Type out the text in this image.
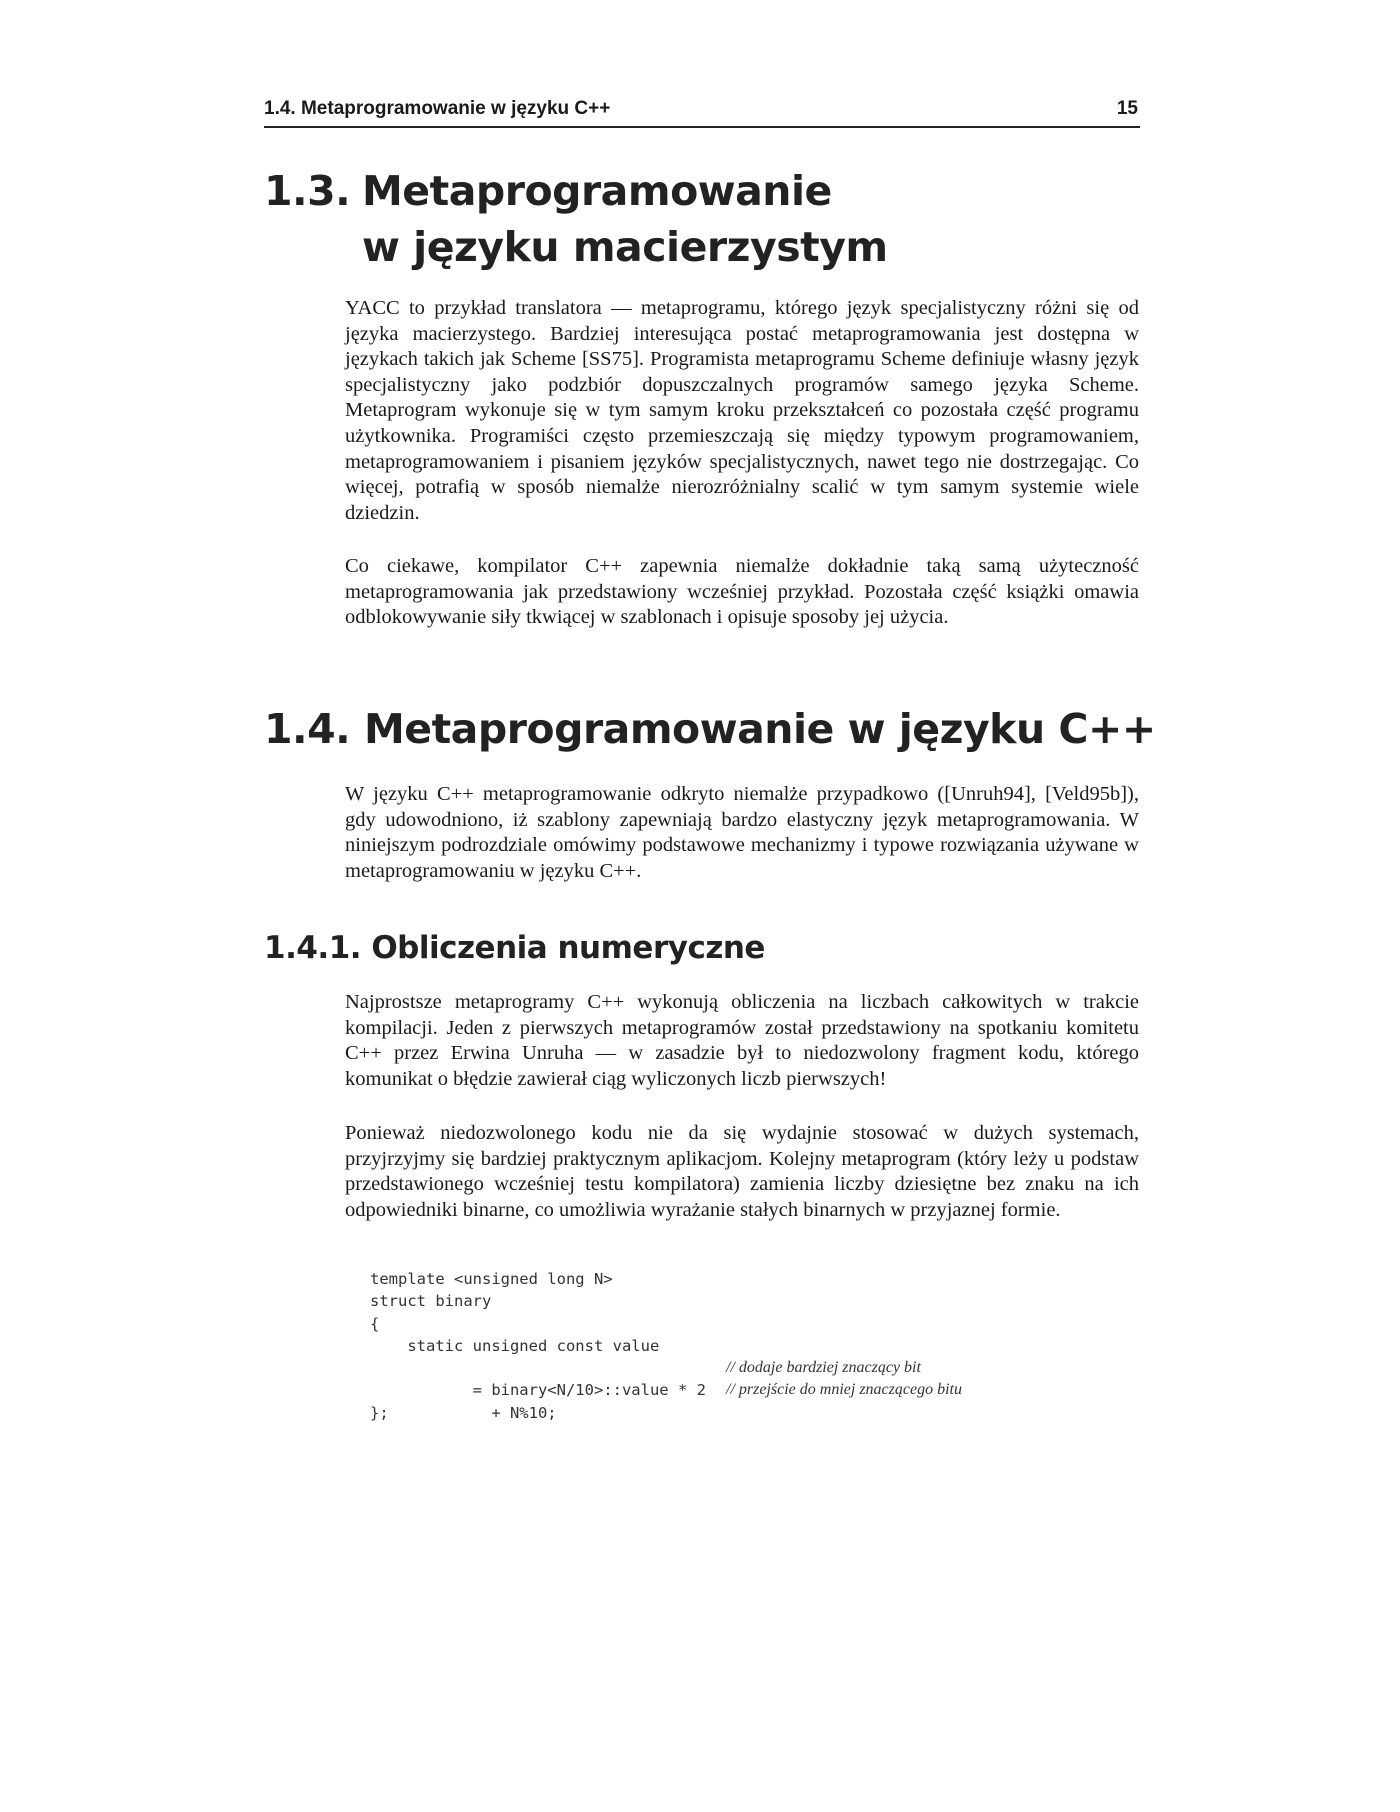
1.4. Metaprogramowanie w języku C++	15
1.3. Metaprogramowanie
w języku macierzystym

YACC to przykład translatora — metaprogramu, którego język specjalistyczny różni się od języka macierzystego. Bardziej interesująca postać metaprogramowania jest dostępna w językach takich jak Scheme [SS75]. Programista metaprogramu Scheme definiuje własny język specjalistyczny jako podzbiór dopuszczalnych programów samego języka Scheme. Metaprogram wykonuje się w tym samym kroku przekształceń co pozostała część programu użytkownika. Programiści często przemieszczają się między typowym programowaniem, metaprogramowaniem i pisaniem języków specjalistycznych, nawet tego nie dostrzegając. Co więcej, potrafią w sposób niemalże nierozróżnialny scalić w tym samym systemie wiele dziedzin.

Co ciekawe, kompilator C++ zapewnia niemalże dokładnie taką samą użyteczność metaprogramowania jak przedstawiony wcześniej przykład. Pozostała część książki omawia odblokowywanie siły tkwiącej w szablonach i opisuje sposoby jej użycia.

1.4. Metaprogramowanie w języku C++

W języku C++ metaprogramowanie odkryto niemalże przypadkowo ([Unruh94], [Veld95b]), gdy udowodniono, iż szablony zapewniają bardzo elastyczny język metaprogramowania. W niniejszym podrozdziale omówimy podstawowe mechanizmy i typowe rozwiązania używane w metaprogramowaniu w języku C++.

1.4.1. Obliczenia numeryczne

Najprostsze metaprogramy C++ wykonują obliczenia na liczbach całkowitych w trakcie kompilacji. Jeden z pierwszych metaprogramów został przedstawiony na spotkaniu komitetu C++ przez Erwina Unruha — w zasadzie był to niedozwolony fragment kodu, którego komunikat o błędzie zawierał ciąg wyliczonych liczb pierwszych!

Ponieważ niedozwolonego kodu nie da się wydajnie stosować w dużych systemach, przyjrzyjmy się bardziej praktycznym aplikacjom. Kolejny metaprogram (który leży u podstaw przedstawionego wcześniej testu kompilatora) zamienia liczby dziesiętne bez znaku na ich odpowiedniki binarne, co umożliwia wyrażanie stałych binarnych w przyjaznej formie.

template <unsigned long N>
struct binary
{
static unsigned const value

= binary<N/10>::value * 2

// dodaje bardziej znaczący bit

+ N%10;

// przejście do mniej znaczącego bitu

};
